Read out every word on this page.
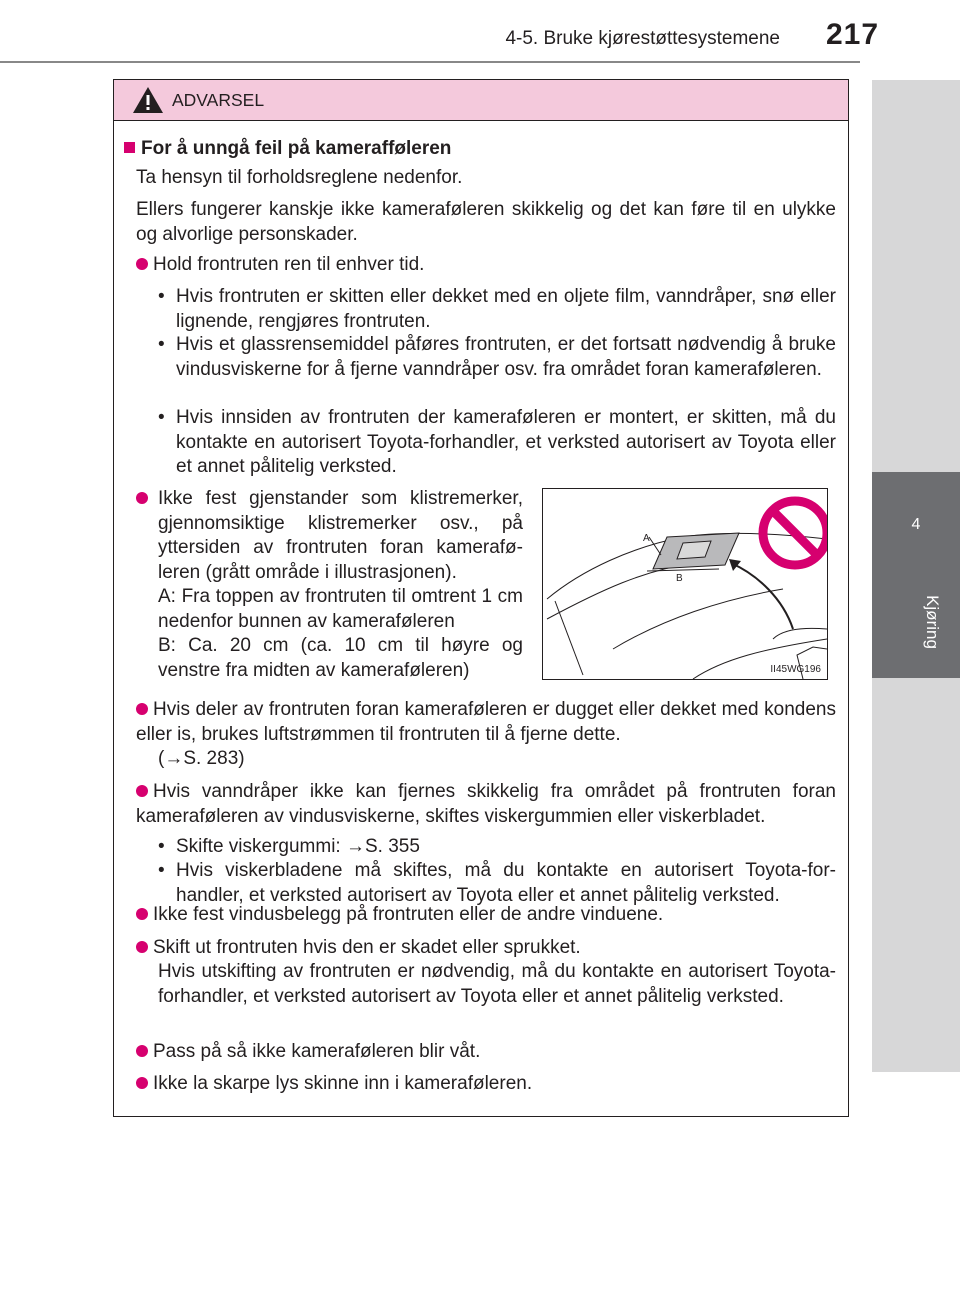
4-5. Bruke kjørestøttesystemene 217
4
Kjøring
ADVARSEL
For å unngå feil på kamerafføleren
Ta hensyn til forholdsreglene nedenfor.
Ellers fungerer kanskje ikke kameraføleren skikkelig og det kan føre til en ulykke og alvorlige personskader.
Hold frontruten ren til enhver tid.
• Hvis frontruten er skitten eller dekket med en oljete film, vanndråper, snø eller lignende, rengjøres frontruten.
• Hvis et glassrensemiddel påføres frontruten, er det fortsatt nødvendig å bruke vindusviskerne for å fjerne vanndråper osv. fra området foran kameraføleren.
• Hvis innsiden av frontruten der kameraføleren er montert, er skitten, må du kontakte en autorisert Toyota-forhandler, et verksted autorisert av Toyota eller et annet pålitelig verksted.
Ikke fest gjenstander som klistremerker, gjennomsiktige klistremerker osv., på yttersiden av frontruten foran kamerafø-leren (grått område i illustrasjonen).
A: Fra toppen av frontruten til omtrent 1 cm nedenfor bunnen av kameraføleren
B: Ca. 20 cm (ca. 10 cm til høyre og venstre fra midten av kameraføleren)
A
B
II45WG196
Hvis deler av frontruten foran kameraføleren er dugget eller dekket med kondens eller is, brukes luftstrømmen til frontruten til å fjerne dette.
(→S. 283)
Hvis vanndråper ikke kan fjernes skikkelig fra området på frontruten foran kameraføleren av vindusviskerne, skiftes viskergummien eller viskerbladet.
• Skifte viskergummi: →S. 355
• Hvis viskerbladene må skiftes, må du kontakte en autorisert Toyota-for-handler, et verksted autorisert av Toyota eller et annet pålitelig verksted.
Ikke fest vindusbelegg på frontruten eller de andre vinduene.
Skift ut frontruten hvis den er skadet eller sprukket.
Hvis utskifting av frontruten er nødvendig, må du kontakte en autorisert Toyota-forhandler, et verksted autorisert av Toyota eller et annet pålitelig verksted.
Pass på så ikke kameraføleren blir våt.
Ikke la skarpe lys skinne inn i kameraføleren.
